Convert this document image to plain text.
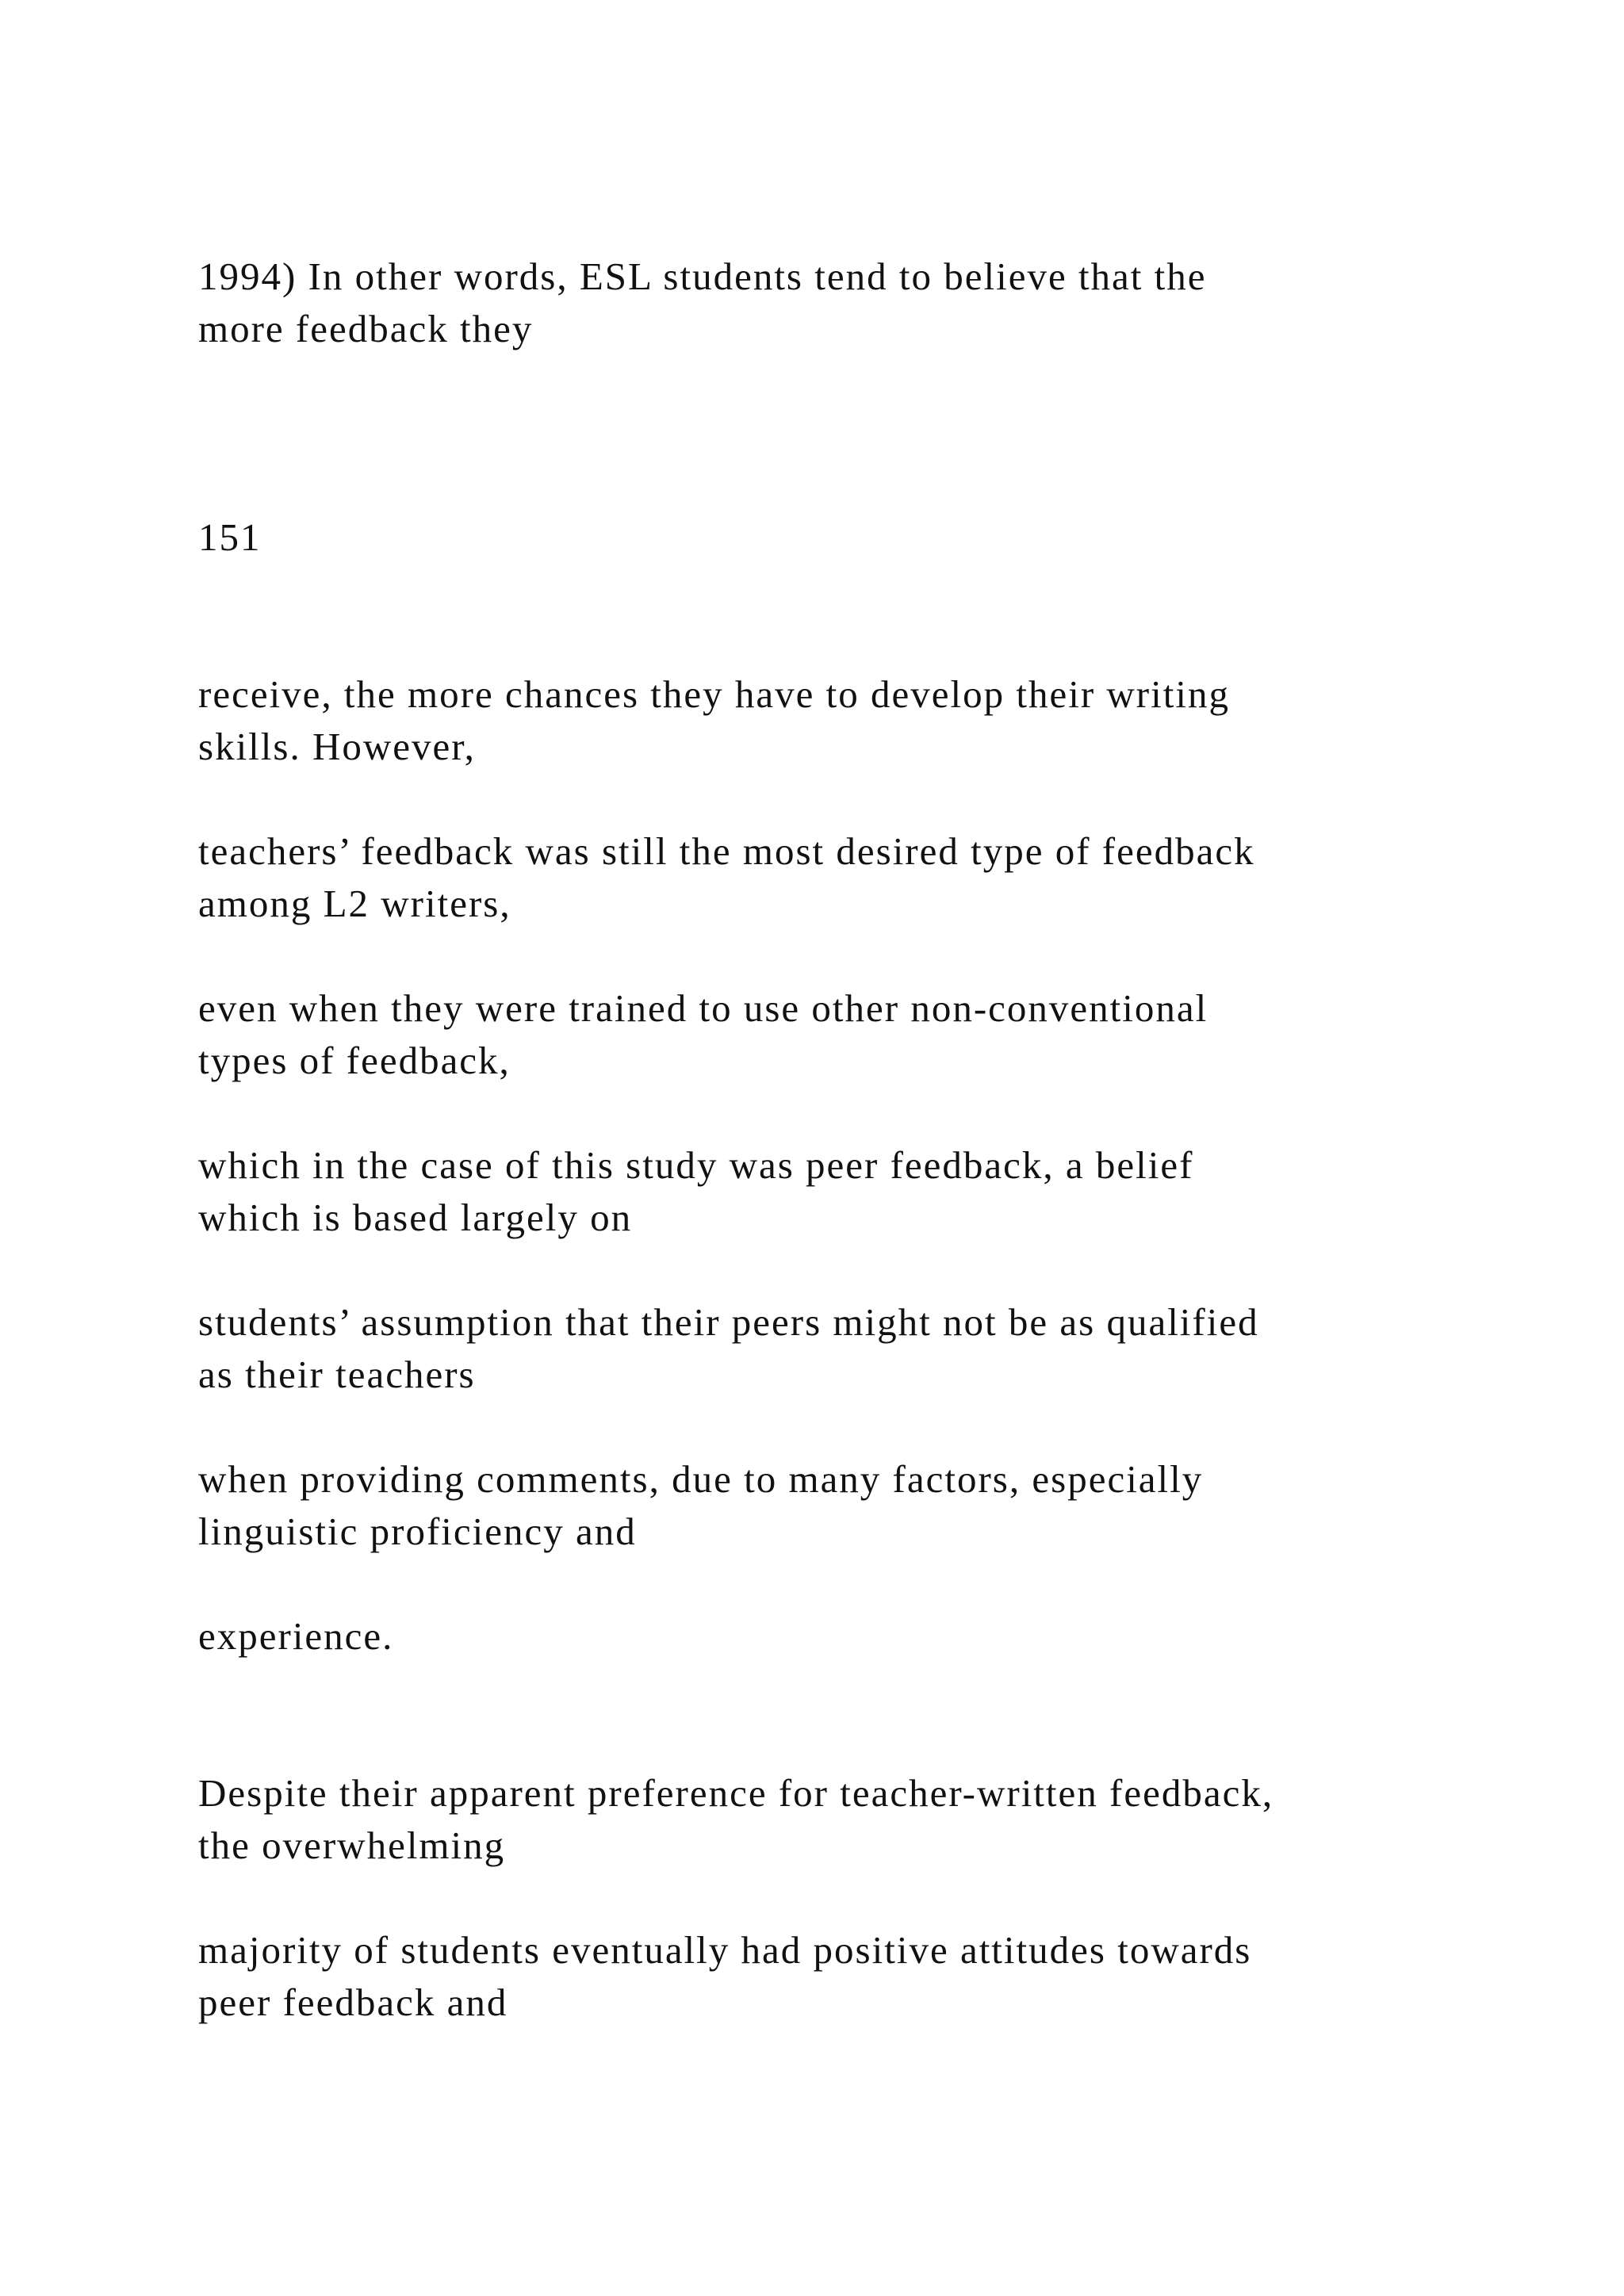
1994) In other words, ESL students tend to believe that the

more feedback they

151

receive, the more chances they have to develop their writing

skills. However,

teachers’ feedback was still the most desired type of feedback

among L2 writers,

even when they were trained to use other non-conventional

types of feedback,

which in the case of this study was peer feedback, a belief

which is based largely on

students’ assumption that their peers might not be as qualified

as their teachers

when providing comments, due to many factors, especially

linguistic proficiency and

experience.

Despite their apparent preference for teacher-written feedback,

the overwhelming

majority of students eventually had positive attitudes towards

peer feedback and
